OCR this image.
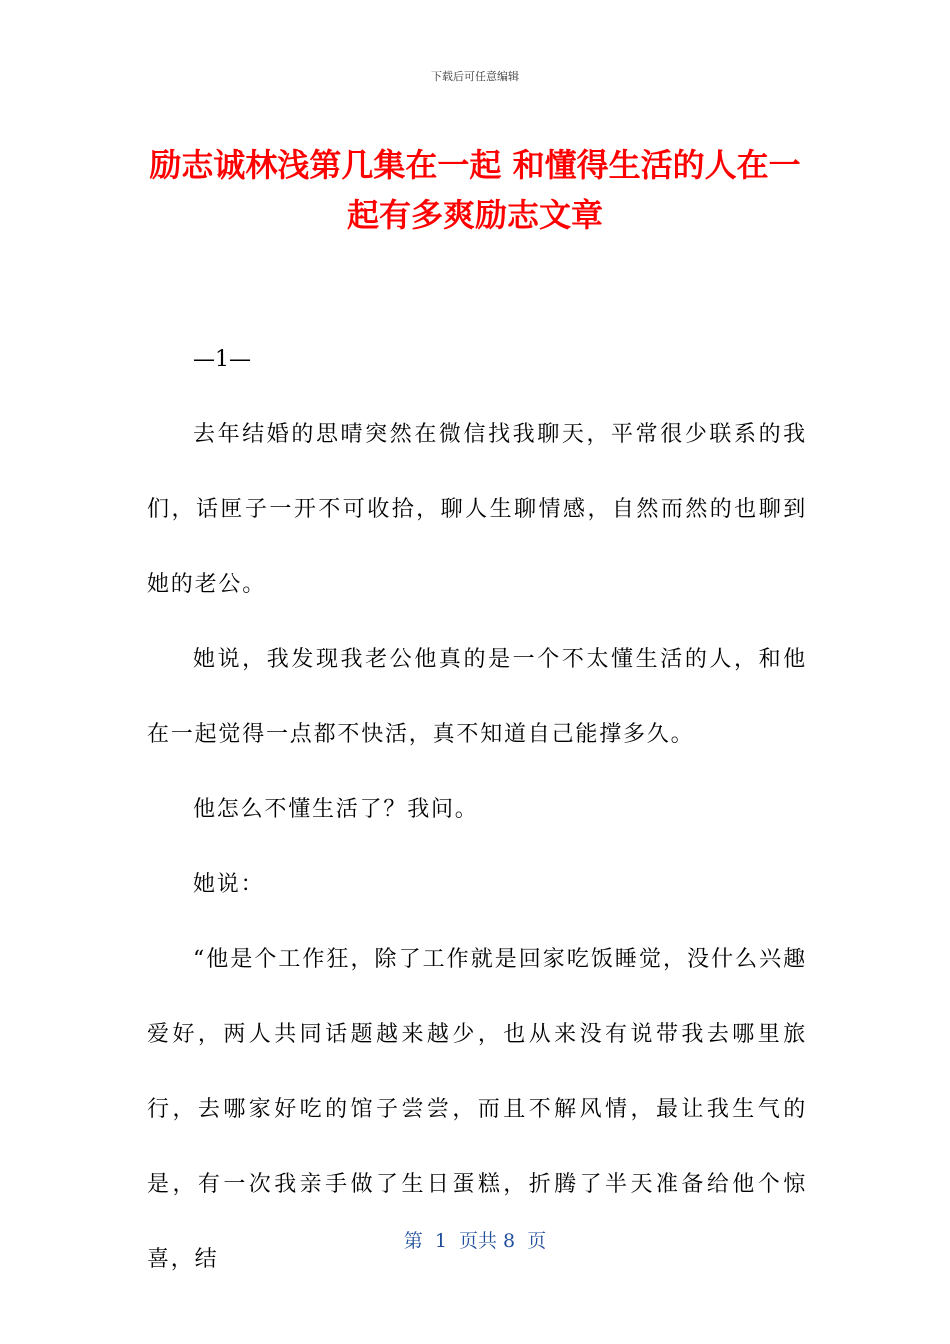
下载后可任意编辑
励志诚林浅第几集在一起 和懂得生活的人在一起有多爽励志文章

—1—

去年结婚的思晴突然在微信找我聊天，平常很少联系的我们，话匣子一开不可收拾，聊人生聊情感，自然而然的也聊到她的老公。

她说，我发现我老公他真的是一个不太懂生活的人，和他在一起觉得一点都不快活，真不知道自己能撑多久。

他怎么不懂生活了？我问。

她说：

“他是个工作狂，除了工作就是回家吃饭睡觉，没什么兴趣爱好，两人共同话题越来越少，也从来没有说带我去哪里旅行，去哪家好吃的馆子尝尝，而且不解风情，最让我生气的是，有一次我亲手做了生日蛋糕，折腾了半天准备给他个惊喜，结

第  1  页共 8  页
